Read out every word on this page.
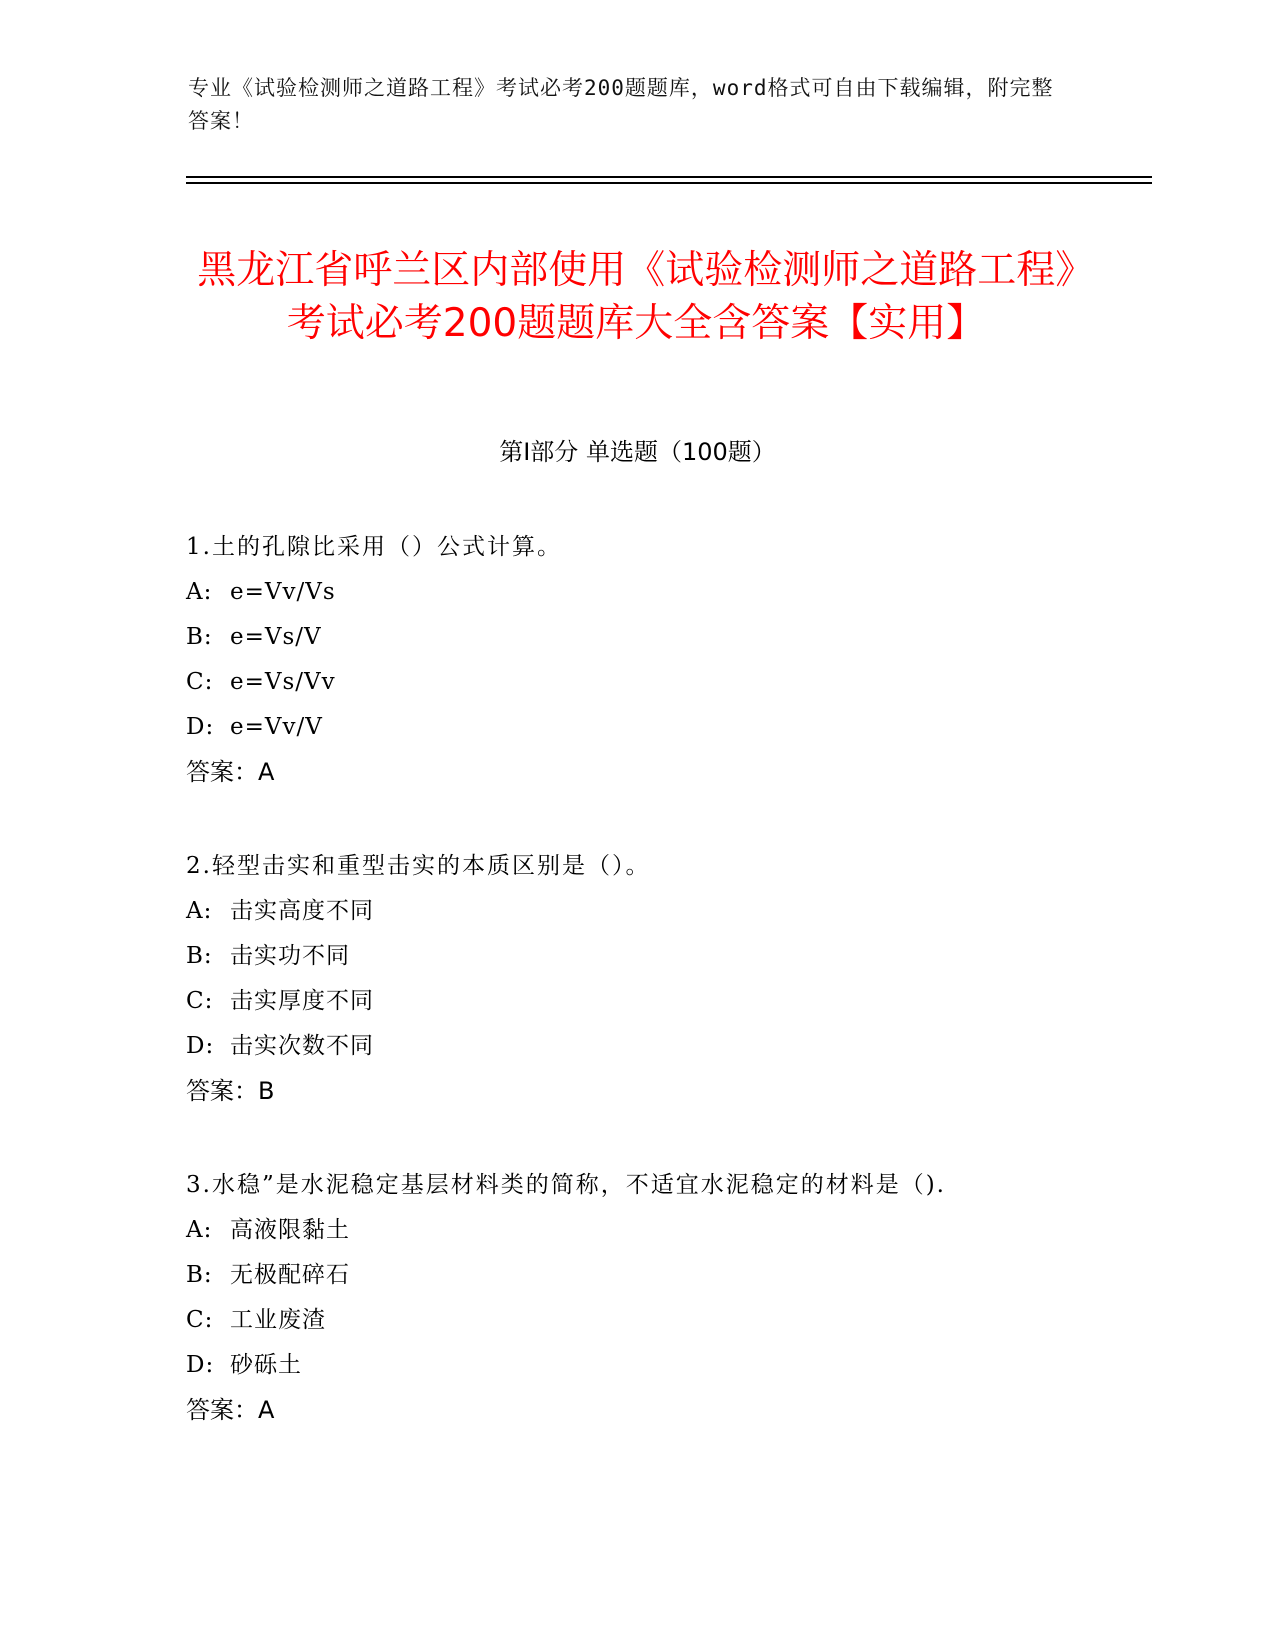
专业《试验检测师之道路工程》考试必考200题题库，word格式可自由下载编辑，附完整答案！
黑龙江省呼兰区内部使用《试验检测师之道路工程》考试必考200题题库大全含答案【实用】
第I部分 单选题（100题）

1.土的孔隙比采用（）公式计算。

A: e=Vv/Vs
B: e=Vs/V
C: e=Vs/Vv
D: e=Vv/V
答案：A

2.轻型击实和重型击实的本质区别是（）。

A: 击实高度不同
B: 击实功不同
C: 击实厚度不同
D: 击实次数不同
答案：B

3.水稳”是水泥稳定基层材料类的简称，不适宜水泥稳定的材料是（).

A: 高液限黏土
B: 无极配碎石
C: 工业废渣
D: 砂砾土
答案：A
